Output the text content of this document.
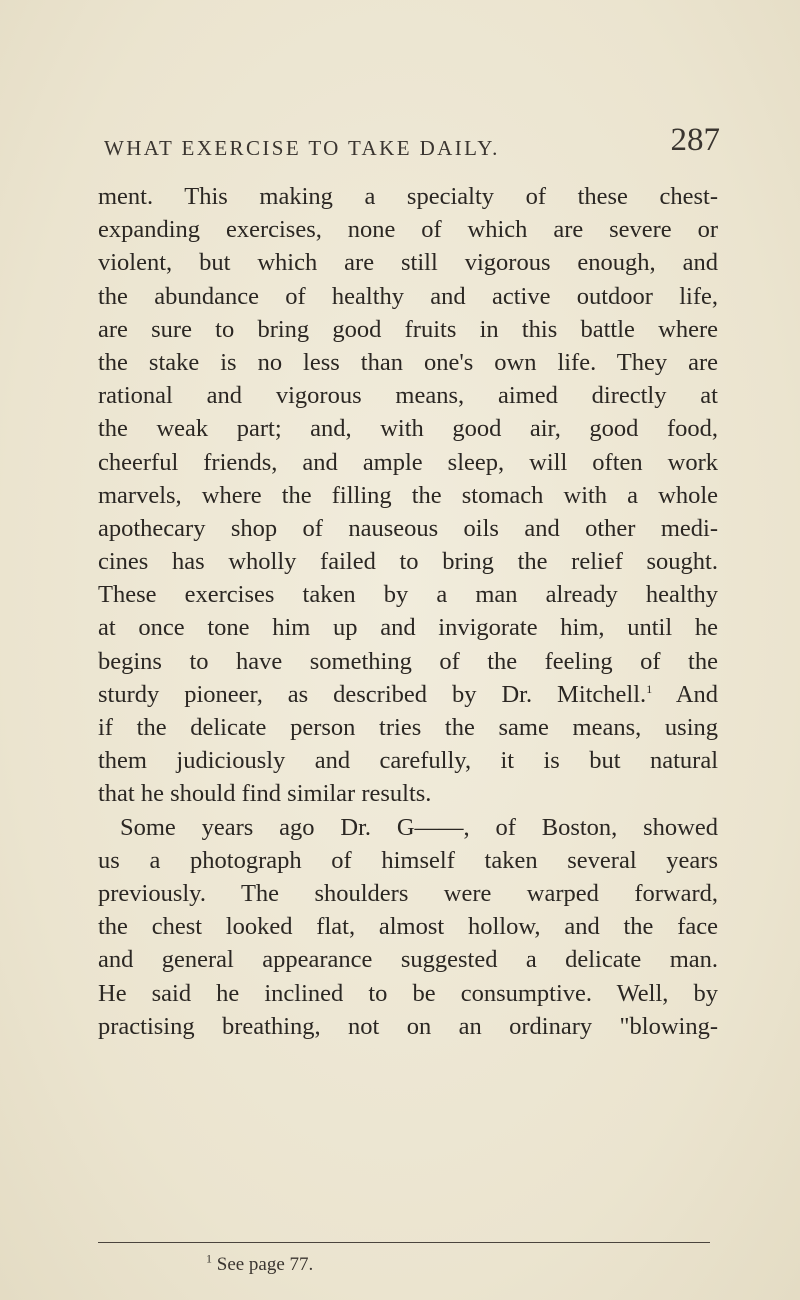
WHAT EXERCISE TO TAKE DAILY.	287
ment. This making a specialty of these chest-
expanding exercises, none of which are severe or
violent, but which are still vigorous enough, and
the abundance of healthy and active outdoor life,
are sure to bring good fruits in this battle where
the stake is no less than one's own life. They are
rational and vigorous means, aimed directly at
the weak part; and, with good air, good food,
cheerful friends, and ample sleep, will often work
marvels, where the filling the stomach with a whole
apothecary shop of nauseous oils and other medi-
cines has wholly failed to bring the relief sought.
These exercises taken by a man already healthy
at once tone him up and invigorate him, until he
begins to have something of the feeling of the
sturdy pioneer, as described by Dr. Mitchell.$^1$ And
if the delicate person tries the same means, using
them judiciously and carefully, it is but natural
that he should find similar results.
Some years ago Dr. G——, of Boston, showed
us a photograph of himself taken several years
previously. The shoulders were warped forward,
the chest looked flat, almost hollow, and the face
and general appearance suggested a delicate man.
He said he inclined to be consumptive. Well, by
practising breathing, not on an ordinary "blowing-
$^1$ See page 77.
